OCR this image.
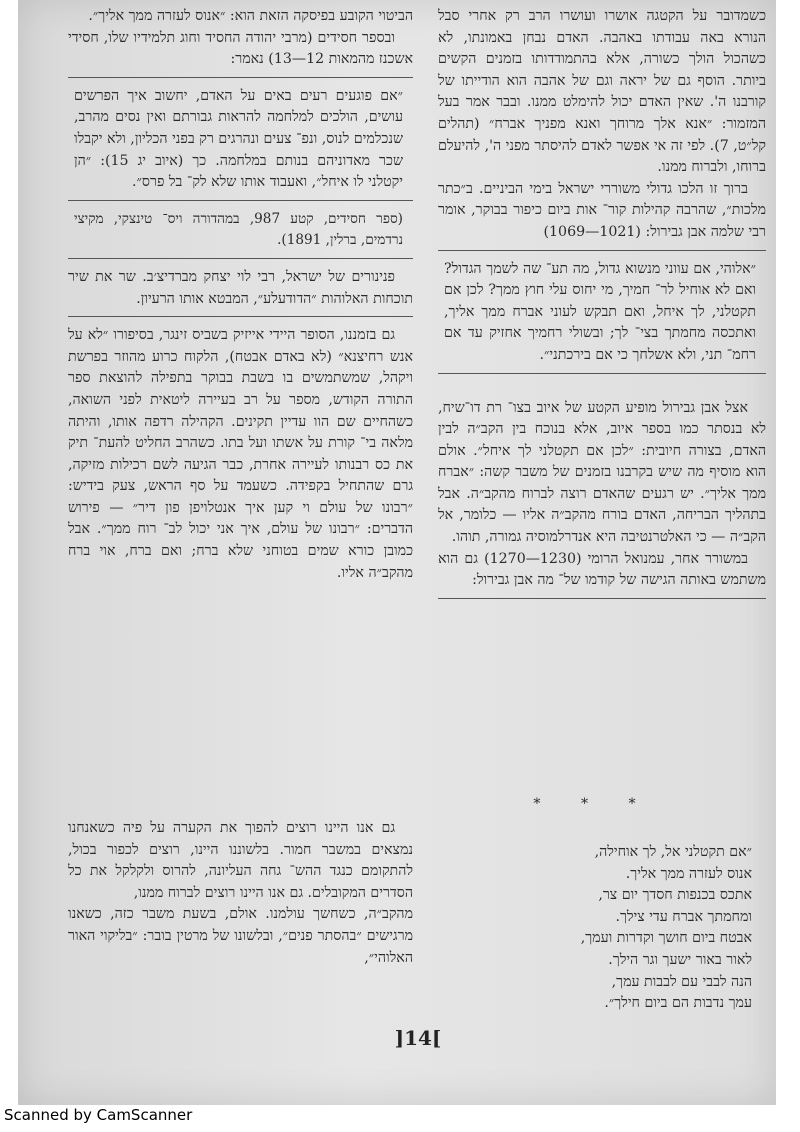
כשמדובר על הקטגה אושרו ועושרו הרב רק אחרי סבל הנורא באה עבודתו באהבה. האדם נבחן באמונתו, לא כשהכול הולך כשורה, אלא בהתמודדותו בזמנים הקשים ביותר. הוסף גם של יראה וגם של אהבה הוא הודייתו של קורבנו ה'. שאין האדם יכול להימלט ממנו. ובבר אמר בעל המזמור: ״אנא אלך מרוחך ואנא מפניך אברח״ (תהלים קל״ט, 7). לפי זה אי אפשר לאדם להיסתר מפני ה', להיעלם ברוחו, ולברוח ממנו.

ברוך זו הלכו גדולי משוררי ישראל בימי הביניים. ב״כתר מלכות״, שהרבה קהילות קור־ אות ביום כיפור בבוקר, אומר רבי שלמה אבן גבירול: (1021—1069)

״אלוהי, אם עווני מנשוא גדול, מה תע־ שה לשמך הגדול? ואם לא אוחיל לר־ חמיך, מי יחוס עלי חוץ ממך? לכן אם תקטלני, לך איחל, ואם תבקש לעוני אברח ממך אליך, ואתכסה מחמתך בצי־ לך; ובשולי רחמיך אחזיק עד אם רחמ־ תני, ולא אשלחך כי אם בירכתני״.

אצל אבן גבירול מופיע הקטע של איוב בצו־ רת דו־שיח, לא בנסתר כמו בספר איוב, אלא בנוכח בין הקב״ה לבין האדם, בצורה חיובית: ״לכן אם תקטלני לך איחל״. אולם הוא מוסיף מה שיש בקרבנו בזמנים של משבר קשה: ״אברח ממך אליך״. יש רגעים שהאדם רוצה לברוח מהקב״ה. אבל בתהליך הבריחה, האדם בורח מהקב״ה אליו — כלומר, אל הקב״ה — כי האלטרנטיבה היא אנדרלמוסיה גמורה, תוהו.

במשורר אחר, עמנואל הרומי (1230—1270) גם הוא משתמש באותה הגישה של קודמו של־ מה אבן גבירול:

הביטוי הקובע בפיסקה הזאת הוא: ״אנוס לעזרה ממך אליך״.

ובספר חסידים (מרבי יהודה החסיד וחוג תלמידיו שלו, חסידי אשכנז מהמאות 12—13) נאמר:

״אם פוגעים רעים באים על האדם, יחשוב איך הפרשים עושים, הולכים למלחמה להראות גבורתם ואין נסים מהרב, שנכלמים לנוס, ונפ־ צעים ונהרגים רק בפני הכליון, ולא יקבלו שכר מאדוניהם בנותם במלחמה. כך (איוב יג 15): ״הן יקטלני לו איחל״, ואעבוד אותו שלא לק־ בל פרס״.

(ספר חסידים, קטע 987, במהדורה ויס־ טינצקי, מקיצי נרדמים, ברלין, 1891).

פנינורים של ישראל, רבי לוי יצחק מברדיצ׳ב. שר את שיר תוכחות האלוהות ״הדודעלע״, המבטא אותו הרעיון.

גם בזמננו, הסופר היידי אייזיק בשביס זינגר, בסיפורו ״לא על אנש רחיצנא״ (לא באדם אבטח), הלקוח כרוע מהוזר בפרשת ויקהל, שמשתמשים בו בשבת בבוקר בתפילה להוצאת ספר התורה הקודש, מספר על רב בעיירה ליטאית לפני השואה, כשהחיים שם הוו עדיין תקינים. הקהילה רדפה אותו, והיתה מלאה בי־ קורת על אשתו ועל בתו. כשהרב החליט להעת־ תיק את כס רבנותו לעיירה אחרת, כבר הגיעה לשם רכילות מזיקה, גרם שהתחיל בקפידה. כשעמד על סף הראש, צעק בידיש: ״רבונו של עולם וי קען איך אנטלויפן פון דיר״ — פירוש הדברים: ״רבונו של עולם, איך אני יכול לב־ רוח ממך״. אבל כמובן כורא שמים בטוחני שלא ברח; ואם ברח, אוי ברח מהקב״ה אליו.

* * *

״אם תקטלני אל, לך אוחילה,

אנוס לעזרה ממך אליך.

אתכס בכנפות חסדך יום צר,

ומחמתך אברח עדי צילך.

אבטח ביום חושך וקדרות ועמך,

לאור באור ישעך וגר הילך.

הנה לבבי עם לבבות עמך,

עמך נדבות הם ביום חילך״.

גם אנו היינו רוצים להפוך את הקערה על פיה כשאנחנו נמצאים במשבר חמור. בלשוננו היינו, רוצים לכפור בכול, להתקומם כנגד ההש־ גחה העליונה, להרוס ולקלקל את כל הסדרים המקובלים. גם אנו היינו רוצים לברוח ממנו,

מהקב״ה, כשחשך עולמנו. אולם, בשעת משבר כזה, כשאנו מרגישים ״בהסתר פנים״, ובלשונו של מרטין בובר: ״בליקוי האור האלוהי״,

]14[
Scanned by CamScanner
